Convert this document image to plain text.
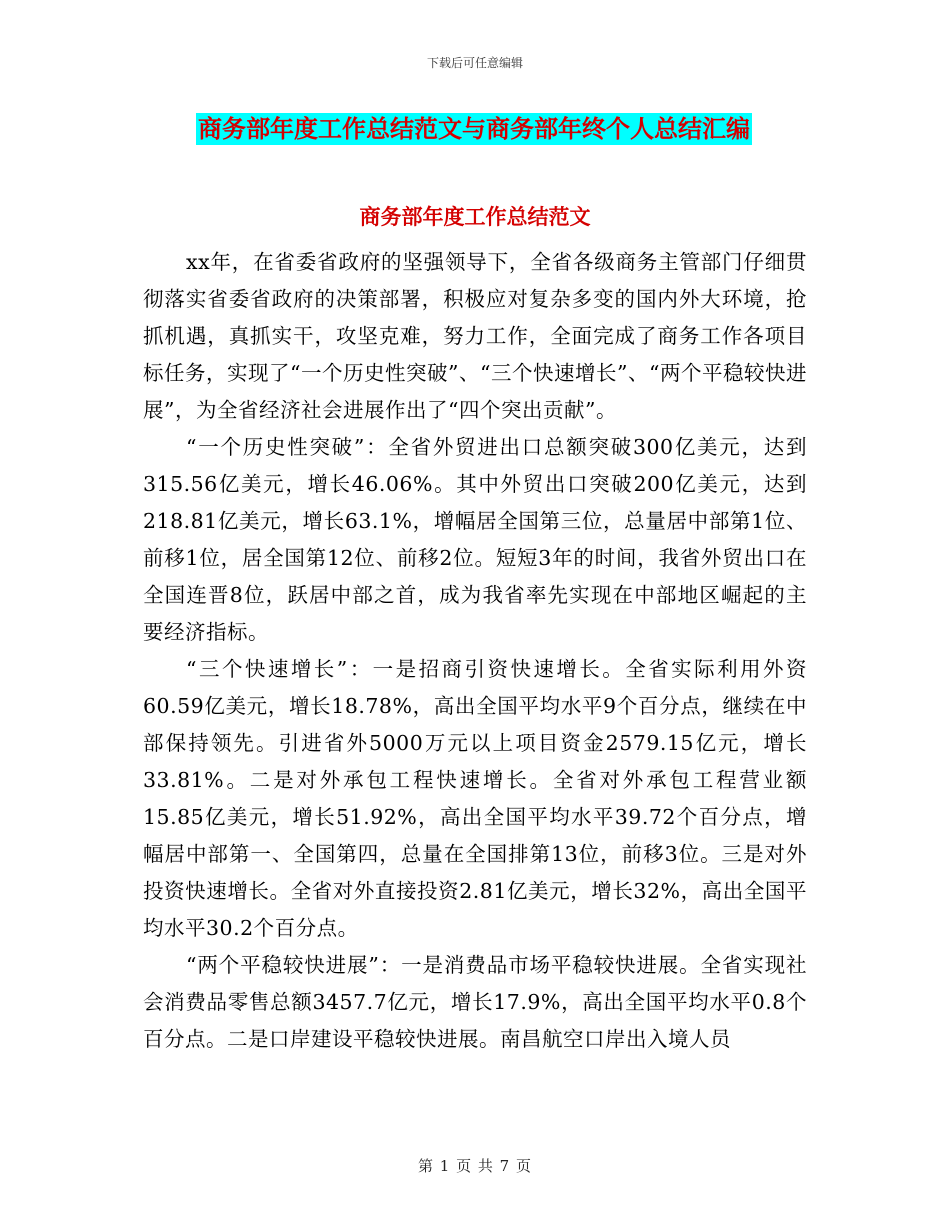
下载后可任意编辑
商务部年度工作总结范文与商务部年终个人总结汇编
商务部年度工作总结范文

xx年，在省委省政府的坚强领导下，全省各级商务主管部门仔细贯彻落实省委省政府的决策部署，积极应对复杂多变的国内外大环境，抢抓机遇，真抓实干，攻坚克难，努力工作，全面完成了商务工作各项目标任务，实现了“一个历史性突破”、“三个快速增长”、“两个平稳较快进展”，为全省经济社会进展作出了“四个突出贡献”。

“一个历史性突破”：全省外贸进出口总额突破300亿美元，达到315.56亿美元，增长46.06%。其中外贸出口突破200亿美元，达到218.81亿美元，增长63.1%，增幅居全国第三位，总量居中部第1位、前移1位，居全国第12位、前移2位。短短3年的时间，我省外贸出口在全国连晋8位，跃居中部之首，成为我省率先实现在中部地区崛起的主要经济指标。

“三个快速增长”：一是招商引资快速增长。全省实际利用外资60.59亿美元，增长18.78%，高出全国平均水平9个百分点，继续在中部保持领先。引进省外5000万元以上项目资金2579.15亿元，增长33.81%。二是对外承包工程快速增长。全省对外承包工程营业额15.85亿美元，增长51.92%，高出全国平均水平39.72个百分点，增幅居中部第一、全国第四，总量在全国排第13位，前移3位。三是对外投资快速增长。全省对外直接投资2.81亿美元，增长32%，高出全国平均水平30.2个百分点。

“两个平稳较快进展”：一是消费品市场平稳较快进展。全省实现社会消费品零售总额3457.7亿元，增长17.9%，高出全国平均水平0.8个百分点。二是口岸建设平稳较快进展。南昌航空口岸出入境人员

第 1 页 共 7 页
